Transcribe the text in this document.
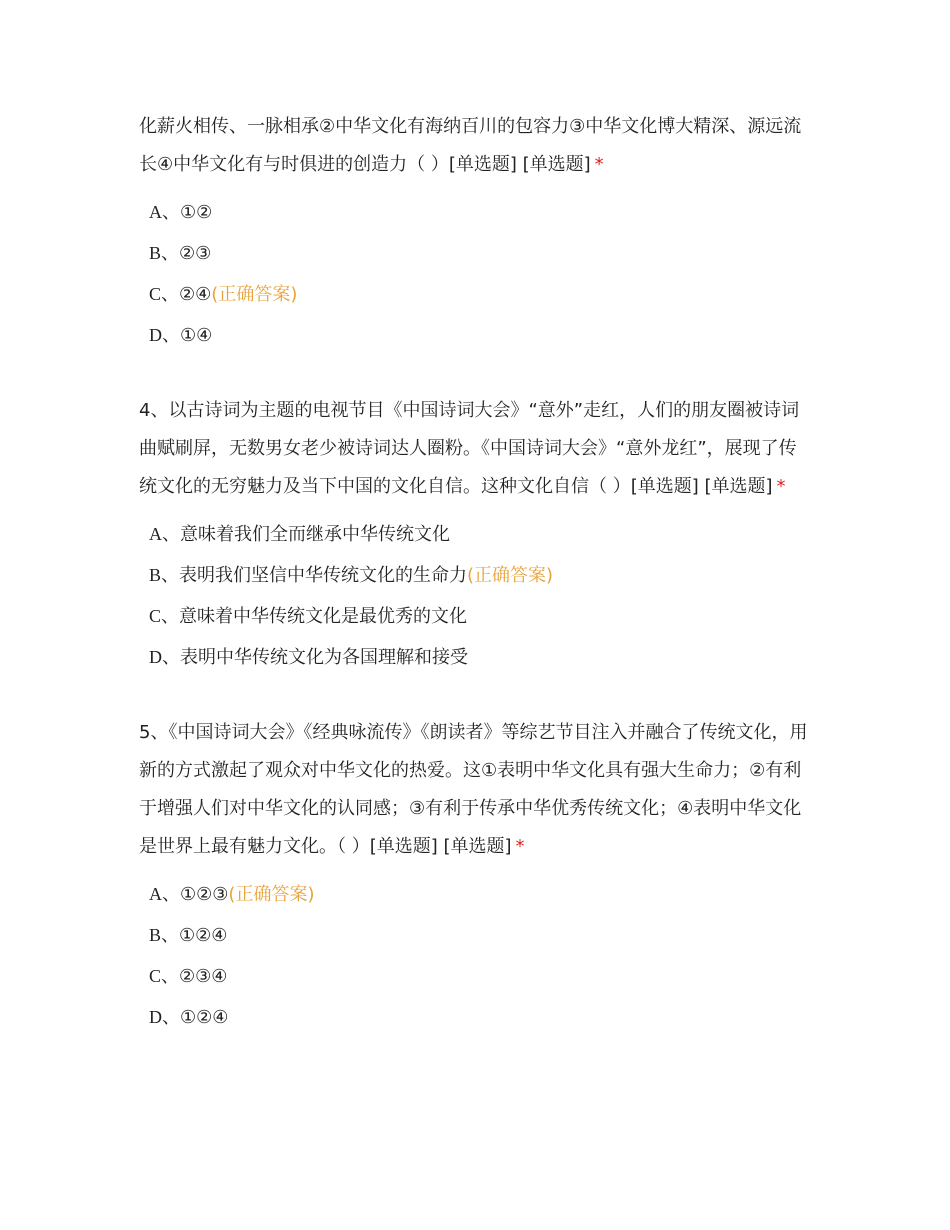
化薪火相传、一脉相承②中华文化有海纳百川的包容力③中华文化博大精深、源远流长④中华文化有与时俱进的创造力（ ）[单选题] [单选题] *

A、①②
B、②③
C、②④(正确答案)
D、①④

4、以古诗词为主题的电视节目《中国诗词大会》“意外”走红，人们的朋友圈被诗词曲赋刷屏，无数男女老少被诗词达人圈粉。《中国诗词大会》“意外龙红”，展现了传统文化的无穷魅力及当下中国的文化自信。这种文化自信（ ）[单选题] [单选题] *

A、意味着我们全而继承中华传统文化
B、表明我们坚信中华传统文化的生命力(正确答案)
C、意味着中华传统文化是最优秀的文化
D、表明中华传统文化为各国理解和接受

5、《中国诗词大会》《经典咏流传》《朗读者》等综艺节目注入并融合了传统文化，用新的方式激起了观众对中华文化的热爱。这①表明中华文化具有强大生命力；②有利于增强人们对中华文化的认同感；③有利于传承中华优秀传统文化；④表明中华文化是世界上最有魅力文化。（ ）[单选题] [单选题] *

A、①②③(正确答案)
B、①②④
C、②③④
D、①②④
